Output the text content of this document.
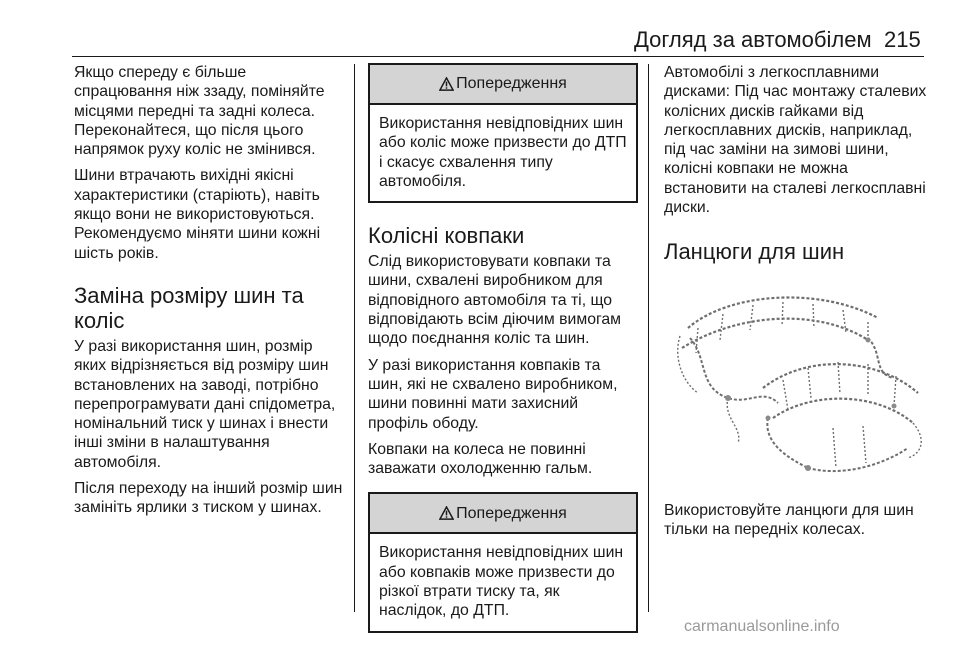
Догляд за автомобілем 215

Якщо спереду є більше спрацювання ніж ззаду, поміняйте місцями передні та задні колеса. Переконайтеся, що після цього напрямок руху коліс не змінився.

Шини втрачають вихідні якісні характеристики (старіють), навіть якщо вони не використовуються. Рекомендуємо міняти шини кожні шість років.

Заміна розміру шин та коліс

У разі використання шин, розмір яких відрізняється від розміру шин встановлених на заводі, потрібно перепрограмувати дані спідометра, номінальний тиск у шинах і внести інші зміни в налаштування автомобіля.

Після переходу на інший розмір шин замініть ярлики з тиском у шинах.

Попередження
Використання невідповідних шин або коліс може призвести до ДТП і скасує схвалення типу автомобіля.
Колісні ковпаки

Слід використовувати ковпаки та шини, схвалені виробником для відповідного автомобіля та ті, що відповідають всім діючим вимогам щодо поєднання коліс та шин.

У разі використання ковпаків та шин, які не схвалено виробником, шини повинні мати захисний профіль ободу.

Ковпаки на колеса не повинні заважати охолодженню гальм.

Попередження
Використання невідповідних шин або ковпаків може призвести до різкої втрати тиску та, як наслідок, до ДТП.

Автомобілі з легкосплавними дисками: Під час монтажу сталевих колісних дисків гайками від легкосплавних дисків, наприклад, під час заміни на зимові шини, колісні ковпаки не можна встановити на сталеві легкосплавні диски.

Ланцюги для шин

Використовуйте ланцюги для шин тільки на передніх колесах.

carmanualsonline.info
